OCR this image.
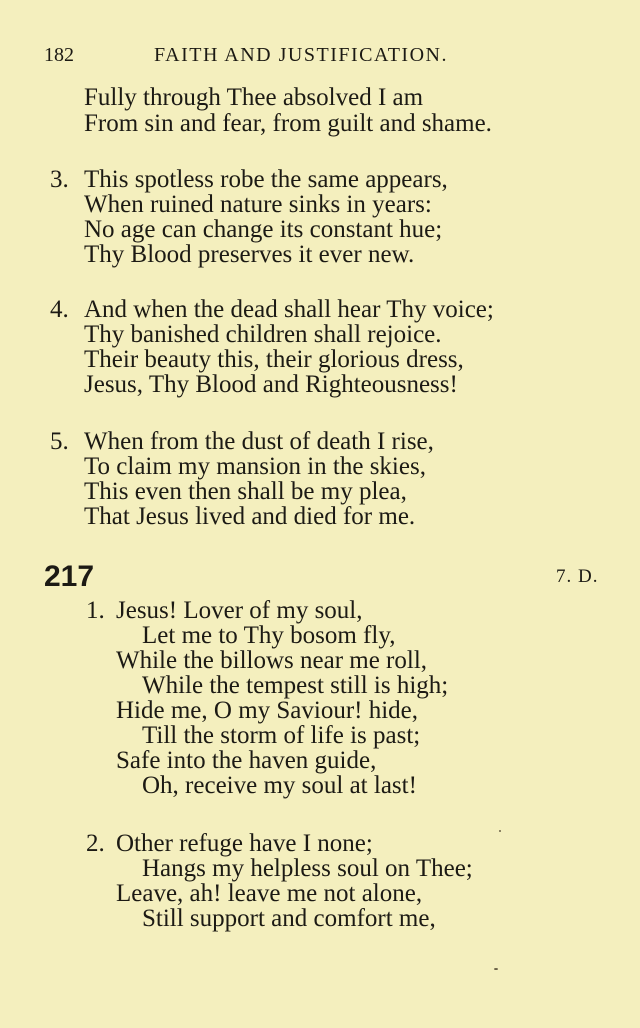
182	FAITH AND JUSTIFICATION.
Fully through Thee absolved I am
From sin and fear, from guilt and shame.
3. This spotless robe the same appears,
When ruined nature sinks in years:
No age can change its constant hue;
Thy Blood preserves it ever new.
4. And when the dead shall hear Thy voice;
Thy banished children shall rejoice.
Their beauty this, their glorious dress,
Jesus, Thy Blood and Righteousness!
5. When from the dust of death I rise,
To claim my mansion in the skies,
This even then shall be my plea,
That Jesus lived and died for me.
217	7. D.
1. Jesus! Lover of my soul,
Let me to Thy bosom fly,
While the billows near me roll,
While the tempest still is high;
Hide me, O my Saviour! hide,
Till the storm of life is past;
Safe into the haven guide,
Oh, receive my soul at last!
2. Other refuge have I none;
Hangs my helpless soul on Thee;
Leave, ah! leave me not alone,
Still support and comfort me,
